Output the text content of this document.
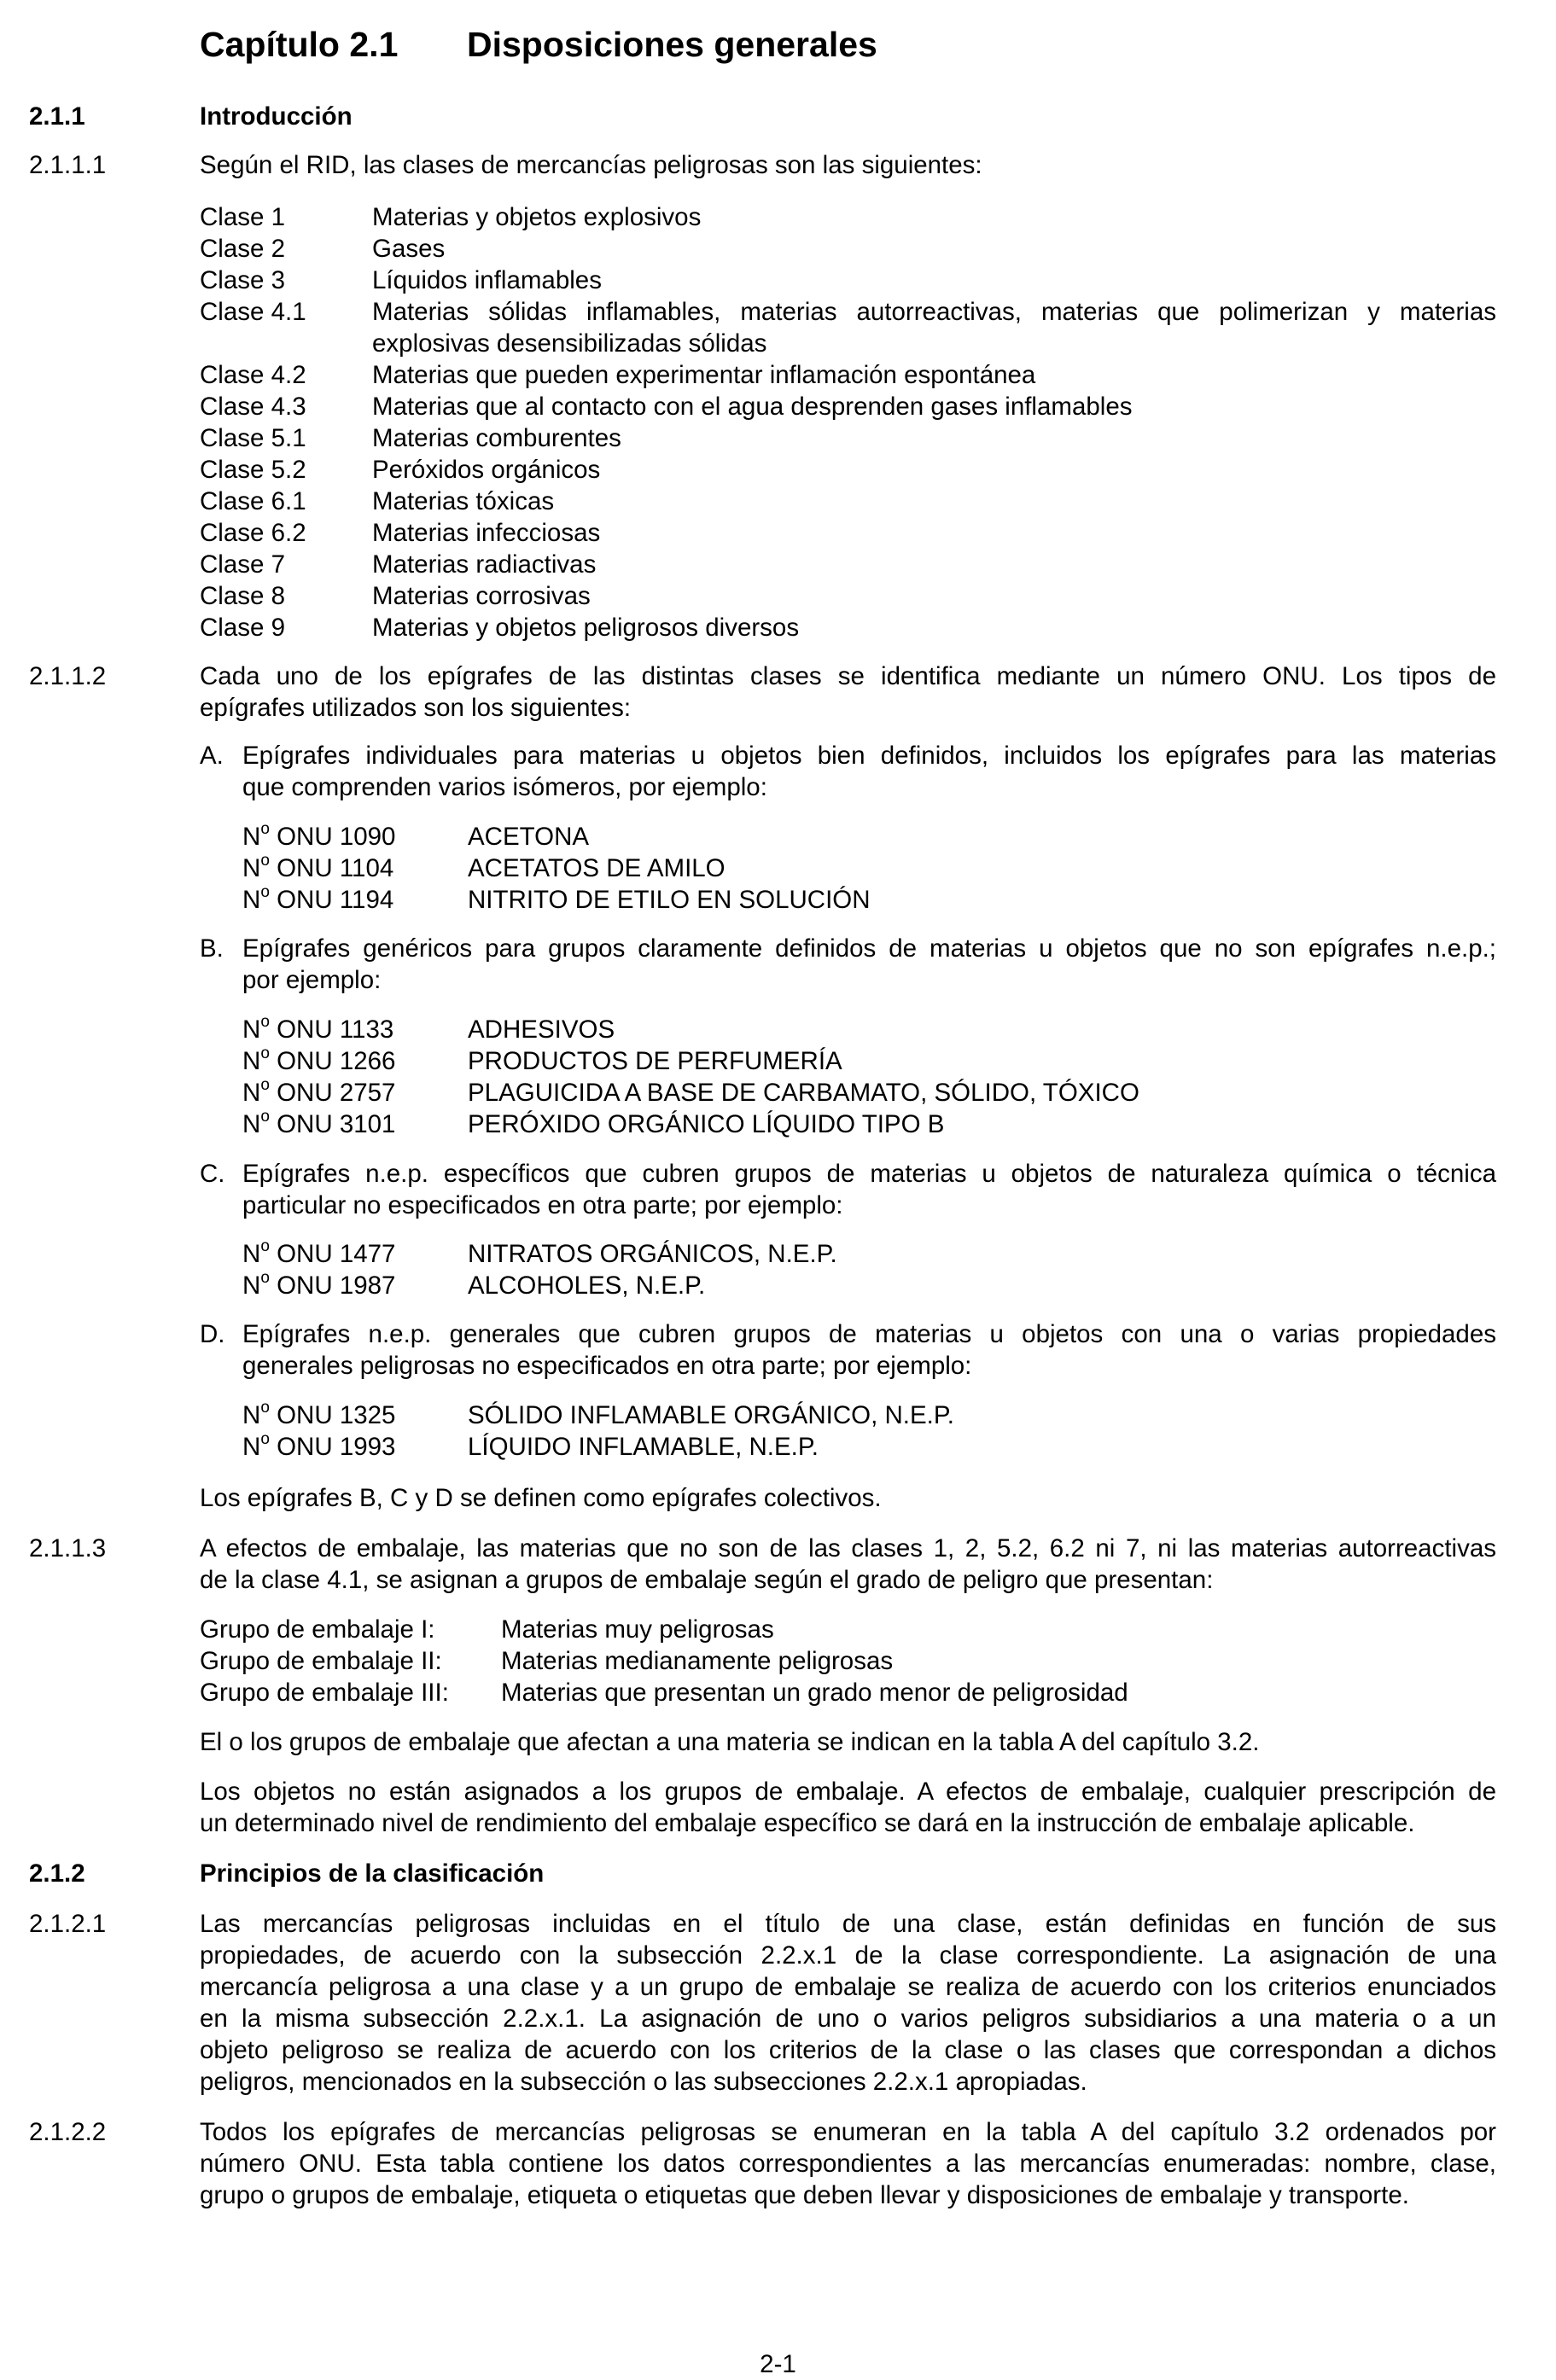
Capítulo 2.1 Disposiciones generales
2.1.1	Introducción
2.1.1.1	Según el RID, las clases de mercancías peligrosas son las siguientes:
Clase 1	Materias y objetos explosivos
Clase 2	Gases
Clase 3	Líquidos inflamables
Clase 4.1	Materias sólidas inflamables, materias autorreactivas, materias que polimerizan y materias
explosivas desensibilizadas sólidas
Clase 4.2	Materias que pueden experimentar inflamación espontánea
Clase 4.3	Materias que al contacto con el agua desprenden gases inflamables
Clase 5.1	Materias comburentes
Clase 5.2	Peróxidos orgánicos
Clase 6.1	Materias tóxicas
Clase 6.2	Materias infecciosas
Clase 7	Materias radiactivas
Clase 8	Materias corrosivas
Clase 9	Materias y objetos peligrosos diversos
2.1.1.2	Cada uno de los epígrafes de las distintas clases se identifica mediante un número ONU. Los tipos de
epígrafes utilizados son los siguientes:
A. Epígrafes individuales para materias u objetos bien definidos, incluidos los epígrafes para las materias
que comprenden varios isómeros, por ejemplo:
$N^o$ ONU 1090	ACETONA
$N^o$ ONU 1104	ACETATOS DE AMILO
$N^o$ ONU 1194	NITRITO DE ETILO EN SOLUCIÓN
B. Epígrafes genéricos para grupos claramente definidos de materias u objetos que no son epígrafes n.e.p.;
por ejemplo:
$N^o$ ONU 1133	ADHESIVOS
$N^o$ ONU 1266	PRODUCTOS DE PERFUMERÍA
$N^o$ ONU 2757	PLAGUICIDA A BASE DE CARBAMATO, SÓLIDO, TÓXICO
$N^o$ ONU 3101	PERÓXIDO ORGÁNICO LÍQUIDO TIPO B
C. Epígrafes n.e.p. específicos que cubren grupos de materias u objetos de naturaleza química o técnica
particular no especificados en otra parte; por ejemplo:
$N^o$ ONU 1477	NITRATOS ORGÁNICOS, N.E.P.
$N^o$ ONU 1987	ALCOHOLES, N.E.P.
D. Epígrafes n.e.p. generales que cubren grupos de materias u objetos con una o varias propiedades
generales peligrosas no especificados en otra parte; por ejemplo:
$N^o$ ONU 1325	SÓLIDO INFLAMABLE ORGÁNICO, N.E.P.
$N^o$ ONU 1993	LÍQUIDO INFLAMABLE, N.E.P.
Los epígrafes B, C y D se definen como epígrafes colectivos.
2.1.1.3	A efectos de embalaje, las materias que no son de las clases 1, 2, 5.2, 6.2 ni 7, ni las materias autorreactivas
de la clase 4.1, se asignan a grupos de embalaje según el grado de peligro que presentan:
Grupo de embalaje I:	Materias muy peligrosas
Grupo de embalaje II: Materias medianamente peligrosas
Grupo de embalaje III: Materias que presentan un grado menor de peligrosidad
El o los grupos de embalaje que afectan a una materia se indican en la tabla A del capítulo 3.2.
Los objetos no están asignados a los grupos de embalaje. A efectos de embalaje, cualquier prescripción de
un determinado nivel de rendimiento del embalaje específico se dará en la instrucción de embalaje aplicable.
2.1.2	Principios de la clasificación
2.1.2.1	Las mercancías peligrosas incluidas en el título de una clase, están definidas en función de sus
propiedades, de acuerdo con la subsección 2.2.x.1 de la clase correspondiente. La asignación de una
mercancía peligrosa a una clase y a un grupo de embalaje se realiza de acuerdo con los criterios enunciados
en la misma subsección 2.2.x.1. La asignación de uno o varios peligros subsidiarios a una materia o a un
objeto peligroso se realiza de acuerdo con los criterios de la clase o las clases que correspondan a dichos
peligros, mencionados en la subsección o las subsecciones 2.2.x.1 apropiadas.
2.1.2.2	Todos los epígrafes de mercancías peligrosas se enumeran en la tabla A del capítulo 3.2 ordenados por
número ONU. Esta tabla contiene los datos correspondientes a las mercancías enumeradas: nombre, clase,
grupo o grupos de embalaje, etiqueta o etiquetas que deben llevar y disposiciones de embalaje y transporte.
2-1
